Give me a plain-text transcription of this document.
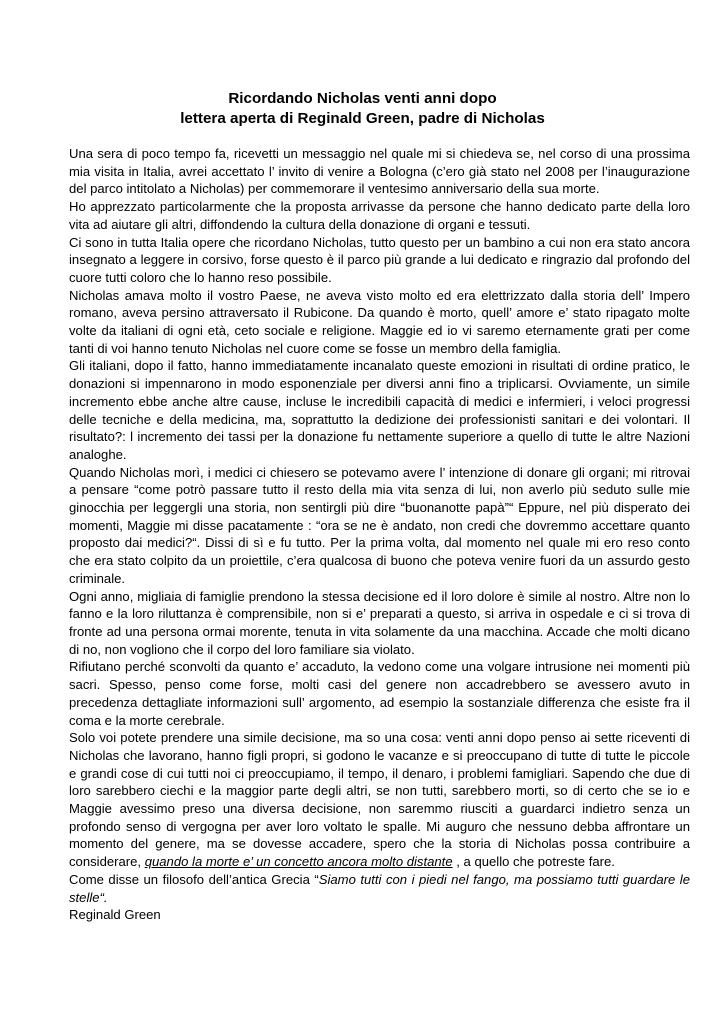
Ricordando Nicholas venti anni dopo
lettera aperta di Reginald Green, padre di Nicholas

Una sera di poco tempo fa, ricevetti un messaggio nel quale mi si chiedeva se, nel corso di una prossima mia visita in Italia, avrei accettato l’ invito di venire a Bologna (c’ero già stato nel 2008 per l’inaugurazione del parco intitolato a Nicholas) per commemorare il ventesimo anniversario della sua morte.

Ho apprezzato particolarmente che la proposta arrivasse da persone che hanno dedicato parte della loro vita ad aiutare gli altri, diffondendo la cultura della donazione di organi e tessuti.

Ci sono in tutta Italia opere che ricordano Nicholas, tutto questo per un bambino a cui non era stato ancora insegnato a leggere in corsivo, forse questo è il parco più grande a lui dedicato e ringrazio dal profondo del cuore tutti coloro che lo hanno reso possibile.

Nicholas amava molto il vostro Paese, ne aveva visto molto ed era elettrizzato dalla storia dell’ Impero romano, aveva persino attraversato il Rubicone. Da quando è morto, quell’ amore e’ stato ripagato molte volte da italiani di ogni età, ceto sociale e religione. Maggie ed io vi saremo eternamente grati per come tanti di voi hanno tenuto Nicholas nel cuore come se fosse un membro della famiglia.

Gli italiani, dopo il fatto, hanno immediatamente incanalato queste emozioni in risultati di ordine pratico, le donazioni si impennarono in modo esponenziale per diversi anni fino a triplicarsi. Ovviamente, un simile incremento ebbe anche altre cause, incluse le incredibili capacità di medici e infermieri, i veloci progressi delle tecniche e della medicina, ma, soprattutto la dedizione dei professionisti sanitari e dei volontari. Il risultato?: l incremento dei tassi per la donazione fu nettamente superiore a quello di tutte le altre Nazioni analoghe.

Quando Nicholas morì, i medici ci chiesero se potevamo avere l’ intenzione di donare gli organi; mi ritrovai a pensare “come potrò passare tutto il resto della mia vita senza di lui, non averlo più seduto sulle mie ginocchia per leggergli una storia, non sentirgli più dire “buonanotte papà”“ Eppure, nel più disperato dei momenti, Maggie mi disse pacatamente : “ora se ne è andato, non credi che dovremmo accettare quanto proposto dai medici?“. Dissi di sì e fu tutto. Per la prima volta, dal momento nel quale mi ero reso conto che era stato colpito da un proiettile, c’era qualcosa di buono che poteva venire fuori da un assurdo gesto criminale.

Ogni anno, migliaia di famiglie prendono la stessa decisione ed il loro dolore è simile al nostro. Altre non lo fanno e la loro riluttanza è comprensibile, non si e’ preparati a questo, si arriva in ospedale e ci si trova di fronte ad una persona ormai morente, tenuta in vita solamente da una macchina. Accade che molti dicano di no, non vogliono che il corpo del loro familiare sia violato.

Rifiutano perché sconvolti da quanto e’ accaduto, la vedono come una volgare intrusione nei momenti più sacri. Spesso, penso come forse, molti casi del genere non accadrebbero se avessero avuto in precedenza dettagliate informazioni sull’ argomento, ad esempio la sostanziale differenza che esiste fra il coma e la morte cerebrale.

Solo voi potete prendere una simile decisione, ma so una cosa: venti anni dopo penso ai sette riceventi di Nicholas che lavorano, hanno figli propri, si godono le vacanze e si preoccupano di tutte di tutte le piccole e grandi cose di cui tutti noi ci preoccupiamo, il tempo, il denaro, i problemi famigliari. Sapendo che due di loro sarebbero ciechi e la maggior parte degli altri, se non tutti, sarebbero morti, so di certo che se io e Maggie avessimo preso una diversa decisione, non saremmo riusciti a guardarci indietro senza un profondo senso di vergogna per aver loro voltato le spalle. Mi auguro che nessuno debba affrontare un momento del genere, ma se dovesse accadere, spero che la storia di Nicholas possa contribuire a considerare, quando la morte e’ un concetto ancora molto distante , a quello che potreste fare.

Come disse un filosofo dell’antica Grecia “Siamo tutti con i piedi nel fango, ma possiamo tutti guardare le stelle“.

Reginald Green
